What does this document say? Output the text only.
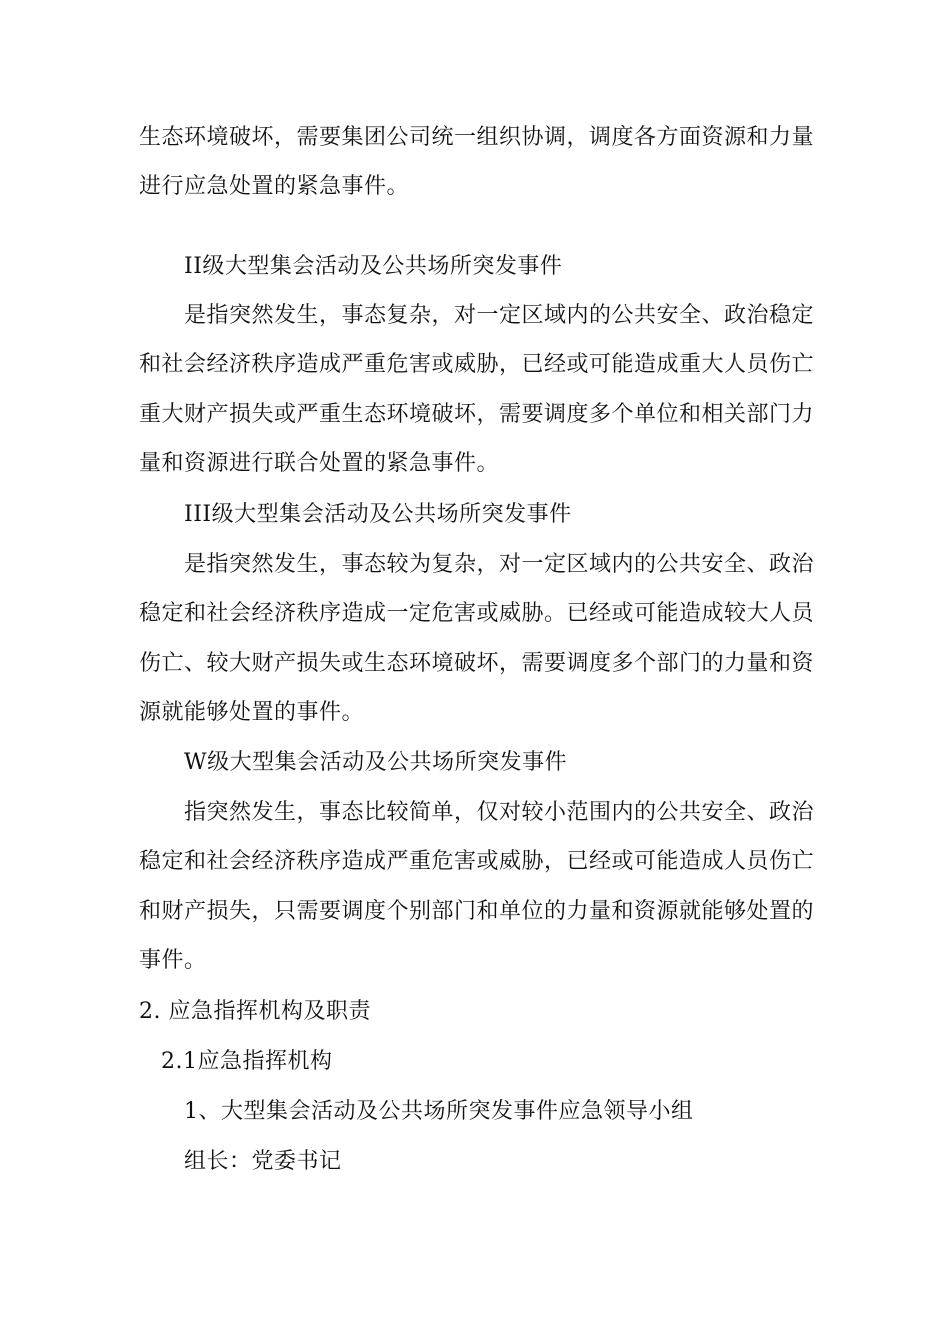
生态环境破坏，需要集团公司统一组织协调，调度各方面资源和力量
进行应急处置的紧急事件。
II级大型集会活动及公共场所突发事件
是指突然发生，事态复杂，对一定区域内的公共安全、政治稳定
和社会经济秩序造成严重危害或威胁，已经或可能造成重大人员伤亡
重大财产损失或严重生态环境破坏，需要调度多个单位和相关部门力
量和资源进行联合处置的紧急事件。
III级大型集会活动及公共场所突发事件
是指突然发生，事态较为复杂，对一定区域内的公共安全、政治
稳定和社会经济秩序造成一定危害或威胁。已经或可能造成较大人员
伤亡、较大财产损失或生态环境破坏，需要调度多个部门的力量和资
源就能够处置的事件。
W级大型集会活动及公共场所突发事件
指突然发生，事态比较简单，仅对较小范围内的公共安全、政治
稳定和社会经济秩序造成严重危害或威胁，已经或可能造成人员伤亡
和财产损失，只需要调度个别部门和单位的力量和资源就能够处置的
事件。
2. 应急指挥机构及职责
2.1应急指挥机构
1、大型集会活动及公共场所突发事件应急领导小组
组长：党委书记
